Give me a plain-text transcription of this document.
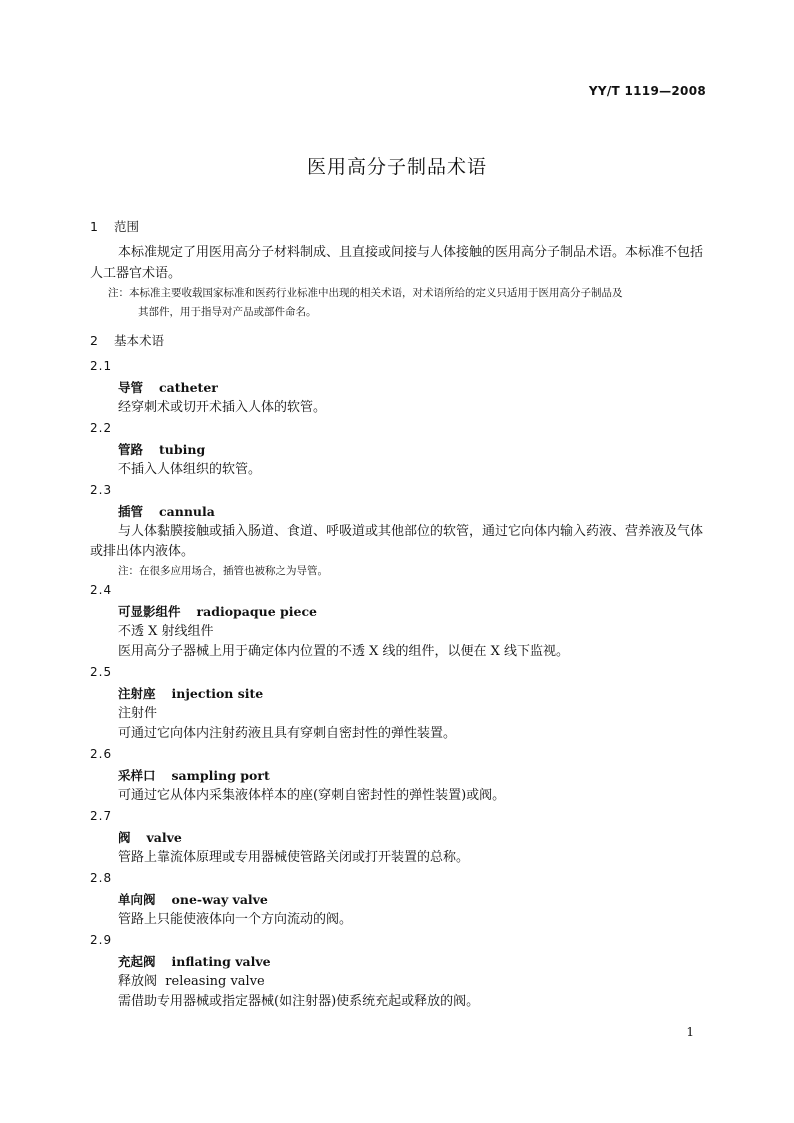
YY/T 1119—2008
医用高分子制品术语
1 范围
本标准规定了用医用高分子材料制成、且直接或间接与人体接触的医用高分子制品术语。本标准不包括人工器官术语。
注：本标准主要收载国家标准和医药行业标准中出现的相关术语，对术语所给的定义只适用于医用高分子制品及
其部件，用于指导对产品或部件命名。
2 基本术语
2.1
导管 catheter
经穿刺术或切开术插入人体的软管。
2.2
管路 tubing
不插入人体组织的软管。
2.3
插管 cannula
与人体黏膜接触或插入肠道、食道、呼吸道或其他部位的软管，通过它向体内输入药液、营养液及气体或排出体内液体。
注：在很多应用场合，插管也被称之为导管。
2.4
可显影组件 radiopaque piece
不透 X 射线组件
医用高分子器械上用于确定体内位置的不透 X 线的组件，以便在 X 线下监视。
2.5
注射座 injection site
注射件
可通过它向体内注射药液且具有穿刺自密封性的弹性装置。
2.6
采样口 sampling port
可通过它从体内采集液体样本的座(穿刺自密封性的弹性装置)或阀。
2.7
阀 valve
管路上靠流体原理或专用器械使管路关闭或打开装置的总称。
2.8
单向阀 one-way valve
管路上只能使液体向一个方向流动的阀。
2.9
充起阀 inflating valve
释放阀 releasing valve
需借助专用器械或指定器械(如注射器)使系统充起或释放的阀。
1
